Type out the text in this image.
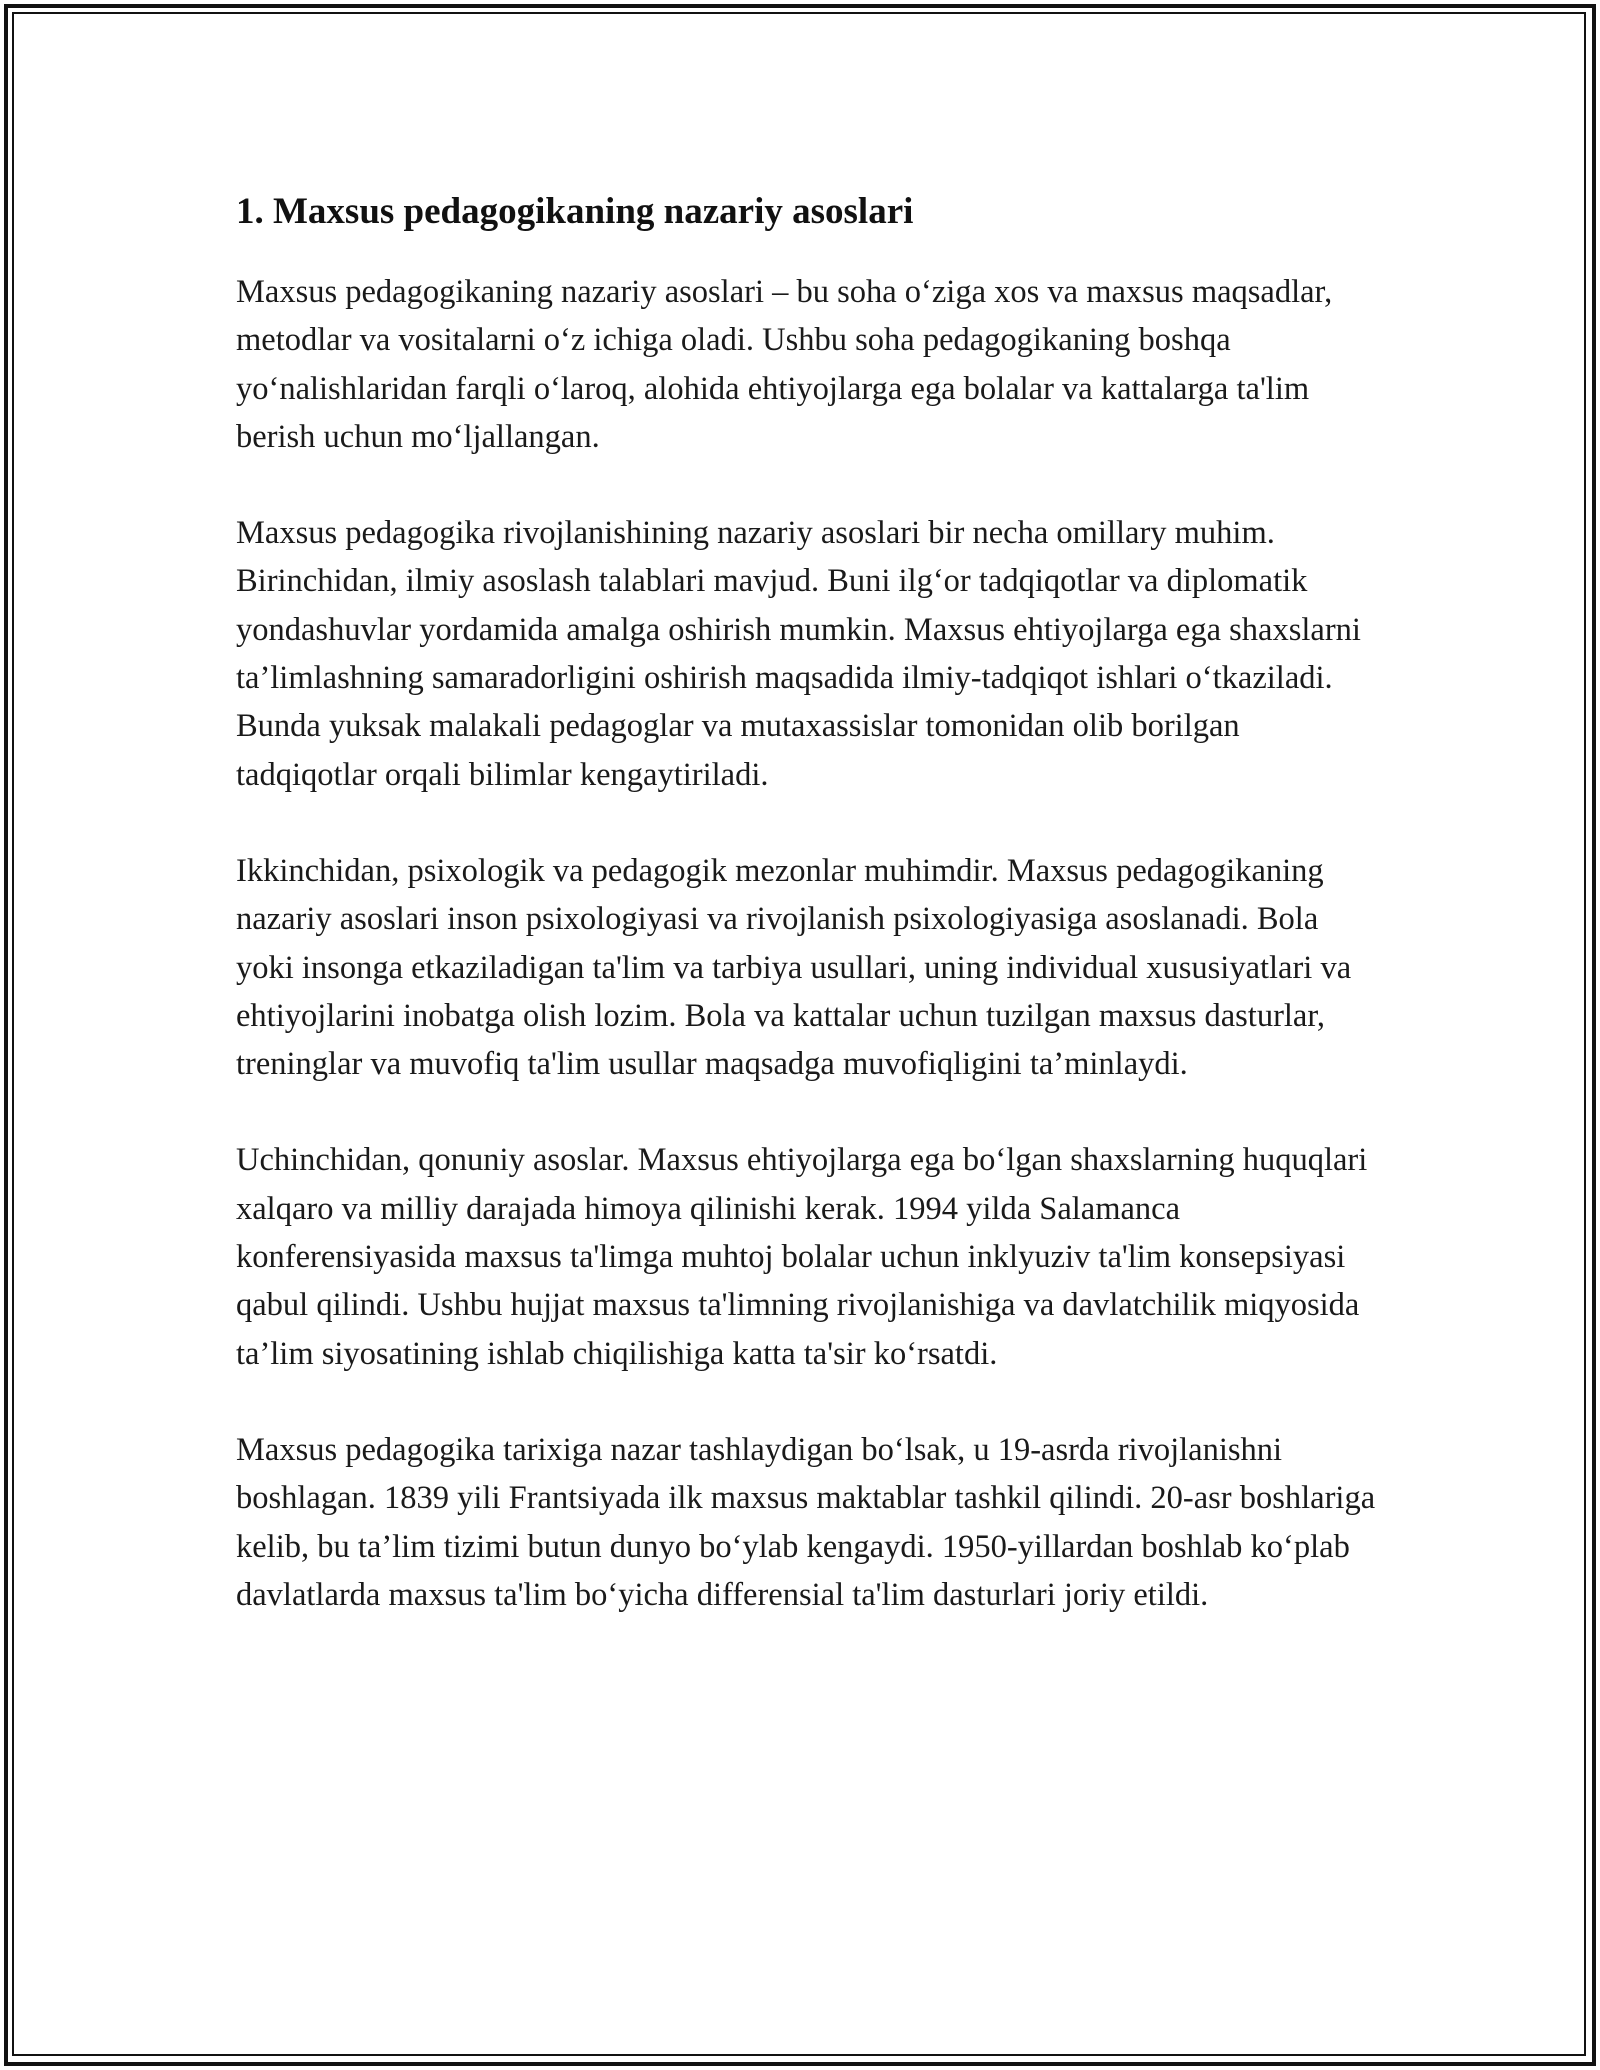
1. Maxsus pedagogikaning nazariy asoslari

Maxsus pedagogikaning nazariy asoslari – bu soha o‘ziga xos va maxsus maqsadlar, metodlar va vositalarni o‘z ichiga oladi. Ushbu soha pedagogikaning boshqa yo‘nalishlaridan farqli o‘laroq, alohida ehtiyojlarga ega bolalar va kattalarga ta'lim berish uchun mo‘ljallangan.

Maxsus pedagogika rivojlanishining nazariy asoslari bir necha omillary muhim. Birinchidan, ilmiy asoslash talablari mavjud. Buni ilg‘or tadqiqotlar va diplomatik yondashuvlar yordamida amalga oshirish mumkin. Maxsus ehtiyojlarga ega shaxslarni ta’limlashning samaradorligini oshirish maqsadida ilmiy-tadqiqot ishlari o‘tkaziladi. Bunda yuksak malakali pedagoglar va mutaxassislar tomonidan olib borilgan tadqiqotlar orqali bilimlar kengaytiriladi.

Ikkinchidan, psixologik va pedagogik mezonlar muhimdir. Maxsus pedagogikaning nazariy asoslari inson psixologiyasi va rivojlanish psixologiyasiga asoslanadi. Bola yoki insonga etkaziladigan ta'lim va tarbiya usullari, uning individual xususiyatlari va ehtiyojlarini inobatga olish lozim. Bola va kattalar uchun tuzilgan maxsus dasturlar, treninglar va muvofiq ta'lim usullar maqsadga muvofiqligini ta’minlaydi.

Uchinchidan, qonuniy asoslar. Maxsus ehtiyojlarga ega bo‘lgan shaxslarning huquqlari xalqaro va milliy darajada himoya qilinishi kerak. 1994 yilda Salamanca konferensiyasida maxsus ta'limga muhtoj bolalar uchun inklyuziv ta'lim konsepsiyasi qabul qilindi. Ushbu hujjat maxsus ta'limning rivojlanishiga va davlatchilik miqyosida ta’lim siyosatining ishlab chiqilishiga katta ta'sir ko‘rsatdi.

Maxsus pedagogika tarixiga nazar tashlaydigan bo‘lsak, u 19-asrda rivojlanishni boshlagan. 1839 yili Frantsiyada ilk maxsus maktablar tashkil qilindi. 20-asr boshlariga kelib, bu ta’lim tizimi butun dunyo bo‘ylab kengaydi. 1950-yillardan boshlab ko‘plab davlatlarda maxsus ta'lim bo‘yicha differensial ta'lim dasturlari joriy etildi.
